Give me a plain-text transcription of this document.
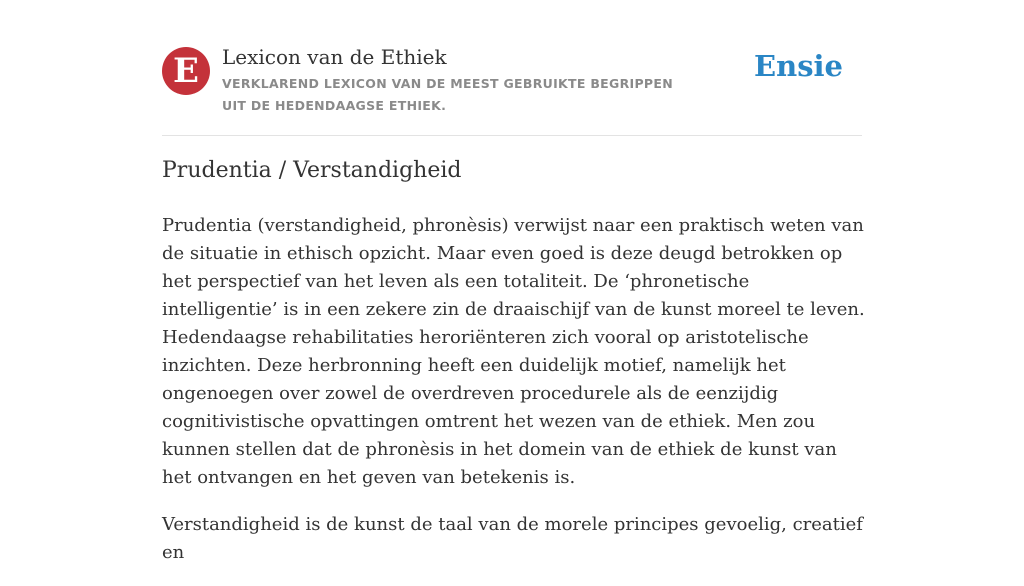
E	Lexicon van de Ethiek
VERKLAREND LEXICON VAN DE MEEST GEBRUIKTE BEGRIPPEN UIT DE HEDENDAAGSE ETHIEK.
Ensie
Prudentia / Verstandigheid

Prudentia (verstandigheid, phronèsis) verwijst naar een praktisch weten van de situatie in ethisch opzicht. Maar even goed is deze deugd betrokken op het perspectief van het leven als een totaliteit. De ‘phronetische intelligentie’ is in een zekere zin de draaischijf van de kunst moreel te leven. Hedendaagse rehabilitaties heroriënteren zich vooral op aristotelische inzichten. Deze herbronning heeft een duidelijk motief, namelijk het ongenoegen over zowel de overdreven procedurele als de eenzijdig cognitivistische opvattingen omtrent het wezen van de ethiek. Men zou kunnen stellen dat de phronèsis in het domein van de ethiek de kunst van het ontvangen en het geven van betekenis is.

Verstandigheid is de kunst de taal van de morele principes gevoelig, creatief en
